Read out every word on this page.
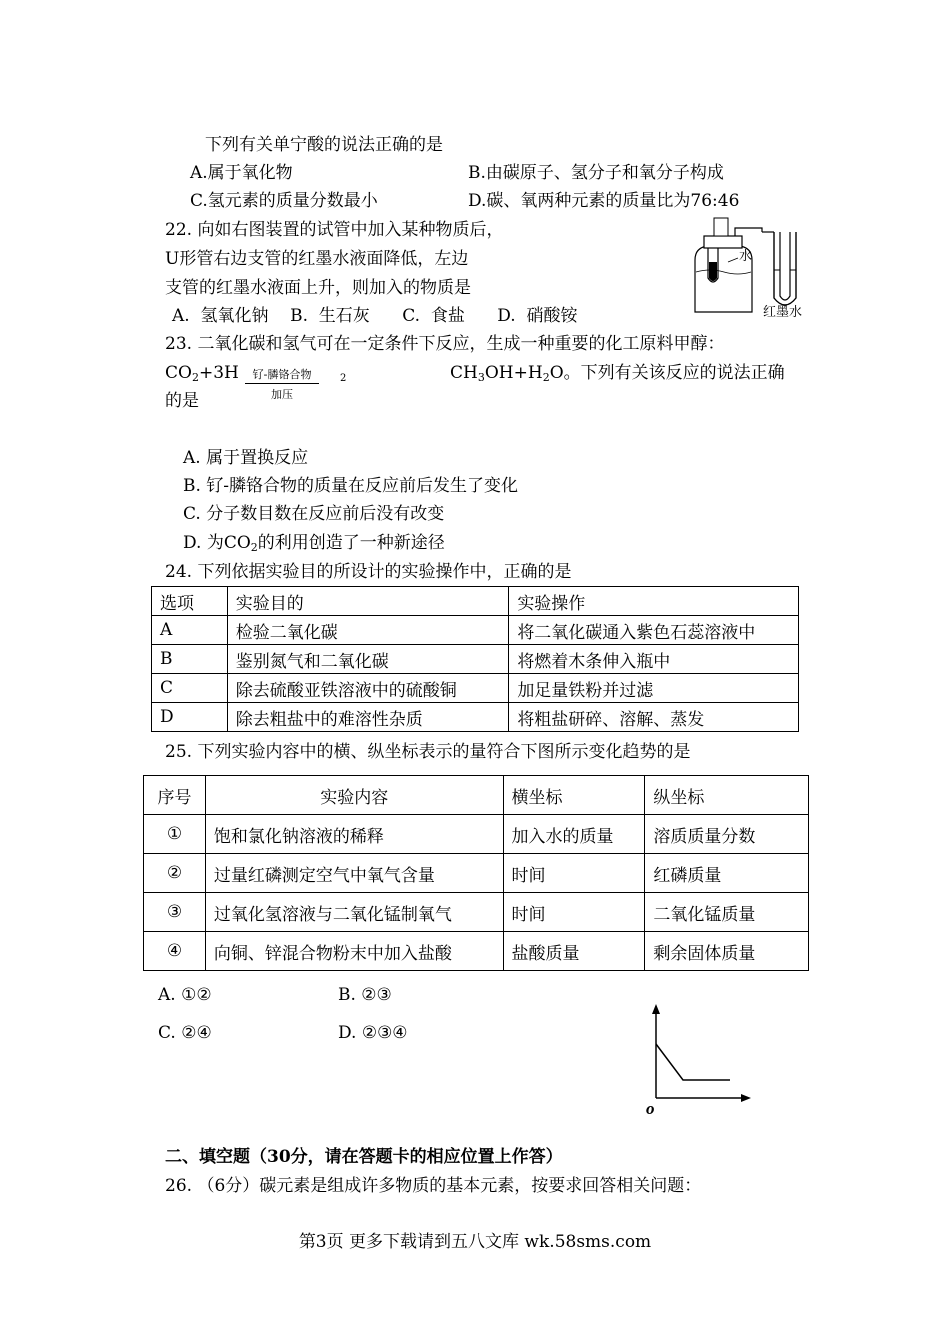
下列有关单宁酸的说法正确的是
A.属于氧化物	B.由碳原子、氢分子和氧分子构成
C.氢元素的质量分数最小	D.碳、氧两种元素的质量比为76:46
22. 向如右图装置的试管中加入某种物质后，
U形管右边支管的红墨水液面降低，左边
支管的红墨水液面上升，则加入的物质是
A.  氢氧化钠    B.  生石灰      C.  食盐      D.  硝酸铵
水
红墨水
23. 二氧化碳和氢气可在一定条件下反应，生成一种重要的化工原料甲醇：
$CO_2+3H$	2
钌-膦铬合物
加压
$CH_3OH+H_2O$。下列有关该反应的说法正确
的是
A. 属于置换反应
B. 钌-膦铬合物的质量在反应前后发生了变化
C. 分子数目数在反应前后没有改变
D. 为$CO_2$的利用创造了一种新途径
24. 下列依据实验目的所设计的实验操作中，正确的是
选项	实验目的	实验操作
A	检验二氧化碳	将二氧化碳通入紫色石蕊溶液中
B	鉴别氮气和二氧化碳	将燃着木条伸入瓶中
C	除去硫酸亚铁溶液中的硫酸铜	加足量铁粉并过滤
D	除去粗盐中的难溶性杂质	将粗盐研碎、溶解、蒸发
25. 下列实验内容中的横、纵坐标表示的量符合下图所示变化趋势的是
序号	实验内容	横坐标	纵坐标
①	饱和氯化钠溶液的稀释	加入水的质量	溶质质量分数
②	过量红磷测定空气中氧气含量	时间	红磷质量
③	过氧化氢溶液与二氧化锰制氧气	时间	二氧化锰质量
④	向铜、锌混合物粉末中加入盐酸	盐酸质量	剩余固体质量
A. ①②	B. ②③
C. ②④	D. ②③④
o
二、填空题（30分，请在答题卡的相应位置上作答）
26. （6分）碳元素是组成许多物质的基本元素，按要求回答相关问题：
第3页 更多下载请到五八文库 wk.58sms.com
